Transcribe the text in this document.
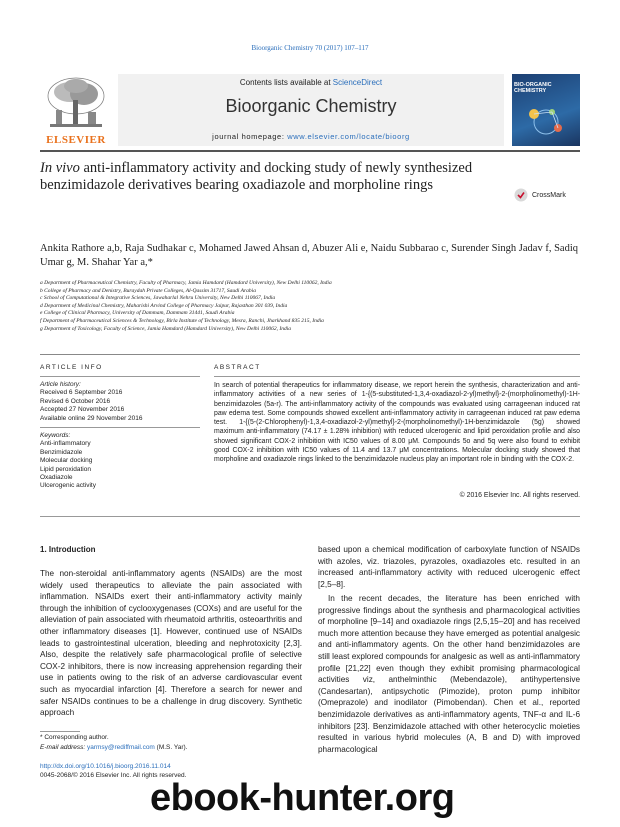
Bioorganic Chemistry 70 (2017) 107–117
ELSEVIER
Contents lists available at ScienceDirect
Bioorganic Chemistry
journal homepage: www.elsevier.com/locate/bioorg
BIO-ORGANIC CHEMISTRY
In vivo anti-inflammatory activity and docking study of newly synthesized benzimidazole derivatives bearing oxadiazole and morpholine rings
CrossMark
Ankita Rathore a,b, Raja Sudhakar c, Mohamed Jawed Ahsan d, Abuzer Ali e, Naidu Subbarao c, Surender Singh Jadav f, Sadiq Umar g, M. Shahar Yar a,*
a Department of Pharmaceutical Chemistry, Faculty of Pharmacy, Jamia Hamdard (Hamdard University), New Delhi 110062, India
b College of Pharmacy and Denistry, Buraydah Private Colleges, Al-Qassim 31717, Saudi Arabia
c School of Computational & Integrative Sciences, Jawaharlal Nehru University, New Delhi 110067, India
d Department of Medicinal Chemistry, Maharishi Arvind College of Pharmacy Jaipur, Rajasthan 301 039, India
e College of Clinical Pharmacy, University of Dammam, Dammam 31441, Saudi Arabia
f Department of Pharmaceutical Sciences & Technology, Birla Institute of Technology, Mesra, Ranchi, Jharkhand 835 215, India
g Department of Toxicology, Faculty of Science, Jamia Hamdard (Hamdard University), New Delhi 110062, India
ARTICLE INFO
Article history:
Received 6 September 2016
Revised 6 October 2016
Accepted 27 November 2016
Available online 29 November 2016
Keywords:
Anti-inflammatory
Benzimidazole
Molecular docking
Lipid peroxidation
Oxadiazole
Ulcerogenic activity
ABSTRACT
In search of potential therapeutics for inflammatory disease, we report herein the synthesis, characterization and anti-inflammatory activities of a new series of 1-{(5-substituted-1,3,4-oxadiazol-2-yl)methyl}-2-(morpholinomethyl)-1H-benzimidazoles (5a-r). The anti-inflammatory activity of the compounds was evaluated using carrageenan induced rat paw edema test. Some compounds showed excellent anti-inflammatory activity in carrageenan induced rat paw edema test. 1-{(5-(2-Chlorophenyl)-1,3,4-oxadiazol-2-yl)methyl}-2-(morpholinomethyl)-1H-benzimidazole (5g) showed maximum anti-inflammatory (74.17 ± 1.28% inhibition) with reduced ulcerogenic and lipid peroxidation profile and also showed significant COX-2 inhibition with IC50 values of 8.00 μM. Compounds 5o and 5q were also found to exhibit good COX-2 inhibition with IC50 values of 11.4 and 13.7 μM concentrations. Molecular docking study showed that morpholine and oxadiazole rings linked to the benzimidazole nucleus play an important role in binding with the COX-2.
© 2016 Elsevier Inc. All rights reserved.
1. Introduction
The non-steroidal anti-inflammatory agents (NSAIDs) are the most widely used therapeutics to alleviate the pain associated with inflammation. NSAIDs exert their anti-inflammatory activity mainly through the inhibition of cyclooxygenases (COXs) and are useful for the alleviation of pain associated with rheumatoid arthritis, osteoarthritis and other inflammatory diseases [1]. However, continued use of NSAIDs leads to gastrointestinal ulceration, bleeding and nephrotoxicity [2,3]. Also, despite the relatively safe pharmacological profile of selective COX-2 inhibitors, there is now increasing apprehension regarding their use in patients owing to the risk of an adverse cardiovascular event such as myocardial infarction [4]. Therefore a search for newer and safer NSAIDs continues to be a challenge in drug discovery. Synthetic approach
based upon a chemical modification of carboxylate function of NSAIDs with azoles, viz. triazoles, pyrazoles, oxadiazoles etc. resulted in an increased anti-inflammatory activity with reduced ulcerogenic effect [2,5–8].
In the recent decades, the literature has been enriched with progressive findings about the synthesis and pharmacological activities of morpholine [9–14] and oxadiazole rings [2,5,15–20] and has received much more attention because they have emerged as potential analgesic and anti-inflammatory agents. On the other hand benzimidazoles are still least explored compounds for analgesic as well as anti-inflammatory profile [21,22] even though they exhibit promising pharmacological activities viz, anthelminthic (Mebendazole), antihypertensive (Candesartan), antipsychotic (Pimozide), proton pump inhibitor (Omeprazole) and inodilator (Pimobendan). Chen et al., reported benzimidazole derivatives as anti-inflammatory agents, TNF-α and IL-6 inhibitors [23]. Benzimidazole attached with other heterocyclic moieties resulted in various hybrid molecules (A, B and D) with improved pharmacological
* Corresponding author.
E-mail address: yarmsy@rediffmail.com (M.S. Yar).
http://dx.doi.org/10.1016/j.bioorg.2016.11.014
0045-2068/© 2016 Elsevier Inc. All rights reserved.
ebook-hunter.org
